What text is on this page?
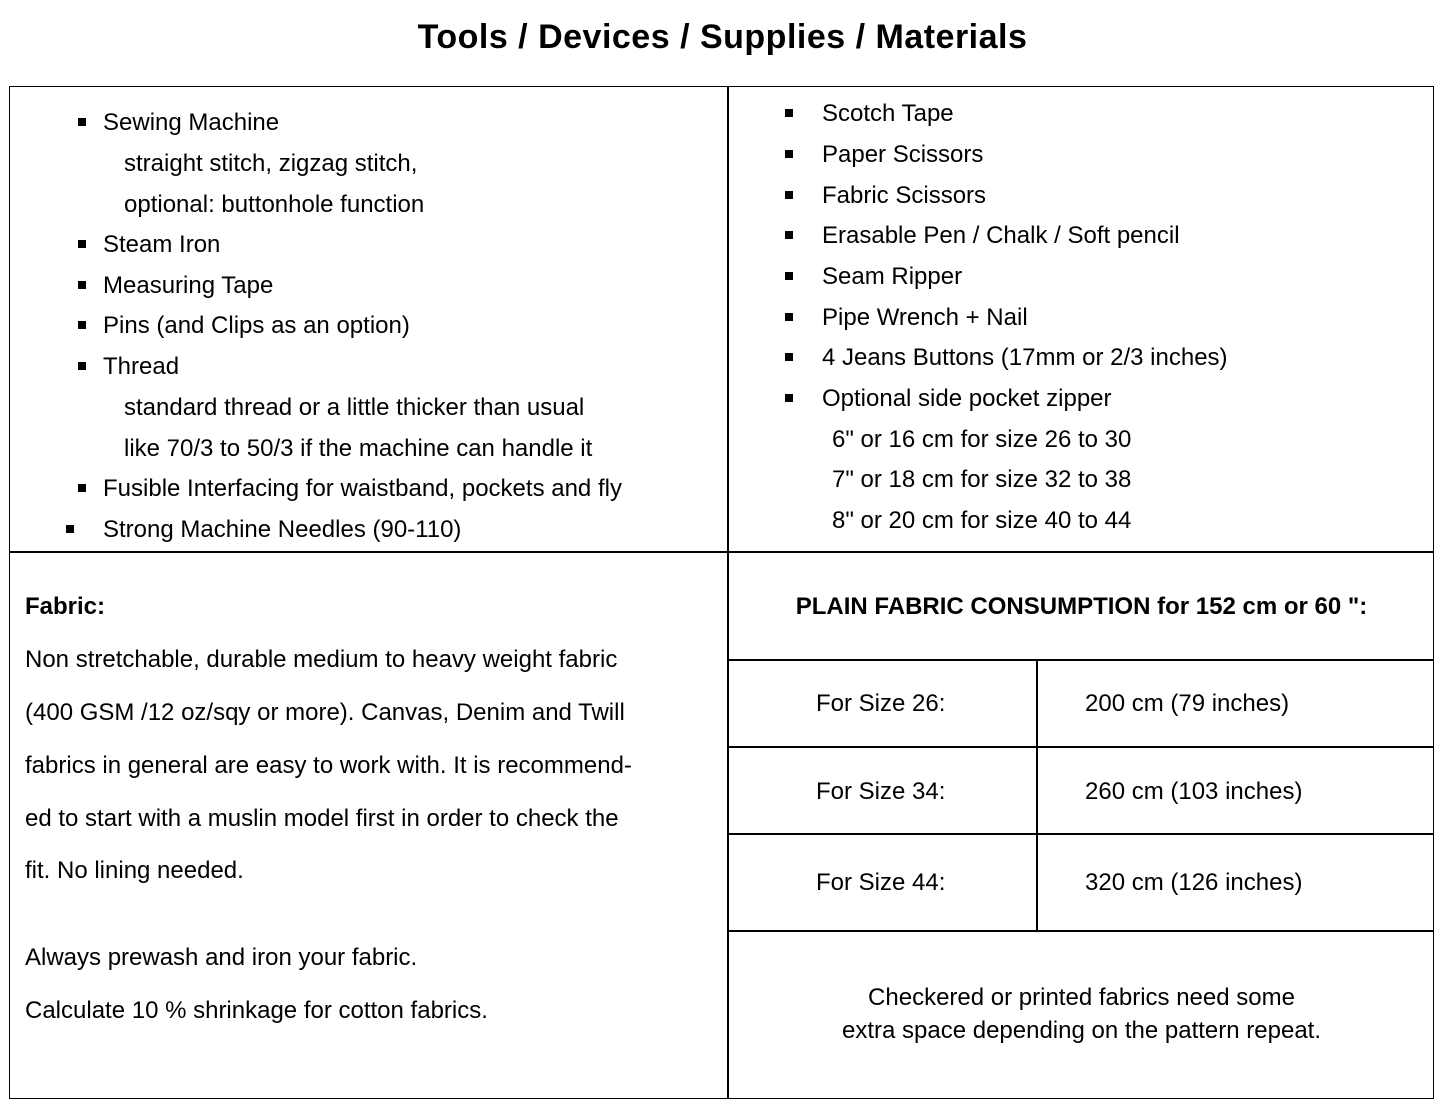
Tools / Devices / Supplies / Materials
Sewing Machine
straight stitch, zigzag stitch,
optional: buttonhole function
Steam Iron
Measuring Tape
Pins (and Clips as an option)
Thread
standard thread or a little thicker than usual
like 70/3 to 50/3 if the machine can handle it
Fusible Interfacing for waistband, pockets and fly
Strong Machine Needles (90-110)
Scotch Tape
Paper Scissors
Fabric Scissors
Erasable Pen / Chalk / Soft pencil
Seam Ripper
Pipe Wrench + Nail
4 Jeans Buttons (17mm or 2/3 inches)
Optional side pocket zipper
6" or 16 cm for size 26 to 30
7" or 18 cm for size 32 to 38
8" or 20 cm for size 40 to 44
Fabric:
Non stretchable, durable medium to heavy weight fabric
(400 GSM /12 oz/sqy or more). Canvas, Denim and Twill
fabrics in general are easy to work with. It is recommend-
ed to start with a muslin model first in order to check the
fit. No lining needed.
Always prewash and iron your fabric.
Calculate 10 % shrinkage for cotton fabrics.
PLAIN FABRIC CONSUMPTION for 152 cm or 60 ":
For Size 26:	200 cm (79 inches)
For Size 34:	260 cm (103 inches)
For Size 44:	320 cm (126 inches)
Checkered or printed fabrics need some
extra space depending on the pattern repeat.
